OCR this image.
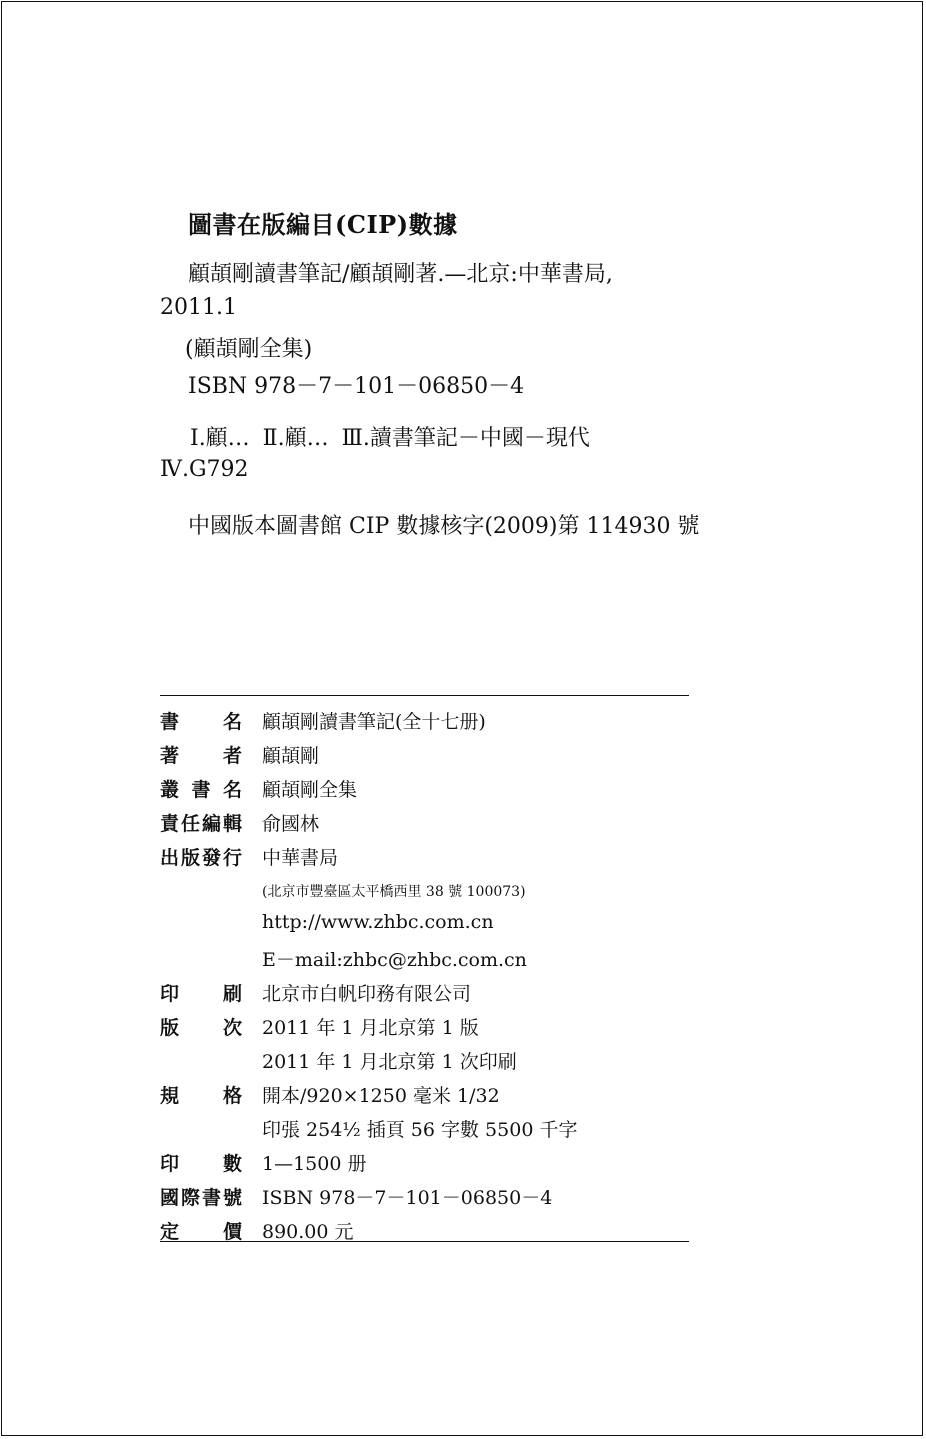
圖書在版編目(CIP)數據
顧頡剛讀書筆記/顧頡剛著.—北京:中華書局,
2011.1
(顧頡剛全集)
ISBN 978－7－101－06850－4
Ⅰ.顧… Ⅱ.顧… Ⅲ.讀書筆記－中國－現代
Ⅳ.G792
中國版本圖書館 CIP 數據核字(2009)第 114930 號
書 名 顧頡剛讀書筆記(全十七册)
著 者 顧頡剛
叢 書 名 顧頡剛全集
責 任 編 輯 俞國林
出 版 發 行 中華書局
(北京市豐臺區太平橋西里 38 號 100073)
http://www.zhbc.com.cn
E－mail:zhbc@zhbc.com.cn
印 刷 北京市白帆印務有限公司
版 次 2011 年 1 月北京第 1 版
2011 年 1 月北京第 1 次印刷
規 格 開本/920×1250 毫米 1/32
印張 254½ 插頁 56 字數 5500 千字
印 數 1—1500 册
國 際 書 號 ISBN 978－7－101－06850－4
定 價 890.00 元
